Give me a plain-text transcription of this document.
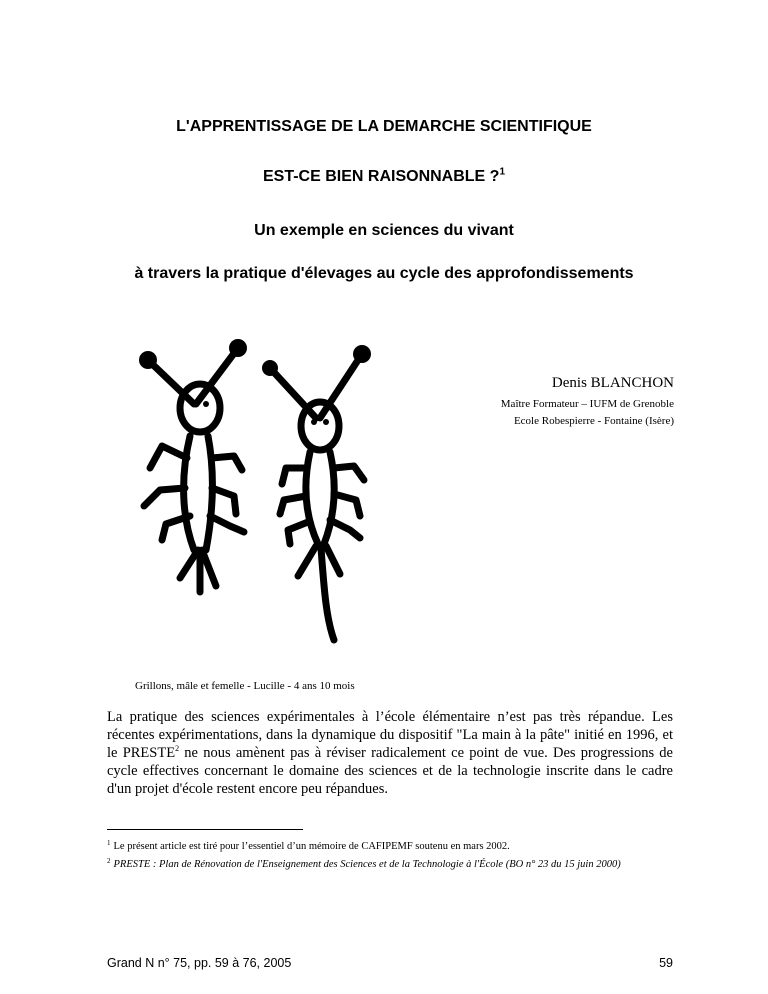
L'APPRENTISSAGE DE LA DEMARCHE SCIENTIFIQUE
EST-CE BIEN RAISONNABLE ?$^1$
Un exemple en sciences du vivant
à travers la pratique d'élevages au cycle des approfondissements

Denis BLANCHON

Maître Formateur – IUFM de Grenoble

Ecole Robespierre - Fontaine (Isère)

Grillons, mâle et femelle - Lucille - 4 ans 10 mois

La pratique des sciences expérimentales à l’école élémentaire n’est pas très répandue. Les récentes expérimentations, dans la dynamique du dispositif "La main à la pâte" initié en 1996, et le PRESTE$^2$ ne nous amènent pas à réviser radicalement ce point de vue. Des progressions de cycle effectives concernant le domaine des sciences et de la technologie inscrite dans le cadre d'un projet d'école restent encore peu répandues.

$^1$ Le présent article est tiré pour l’essentiel d’un mémoire de CAFIPEMF soutenu en mars 2002.

$^2$ PRESTE : Plan de Rénovation de l'Enseignement des Sciences et de la Technologie à l'École (BO n° 23 du 15 juin 2000)

Grand N n° 75, pp. 59 à 76, 2005	59
